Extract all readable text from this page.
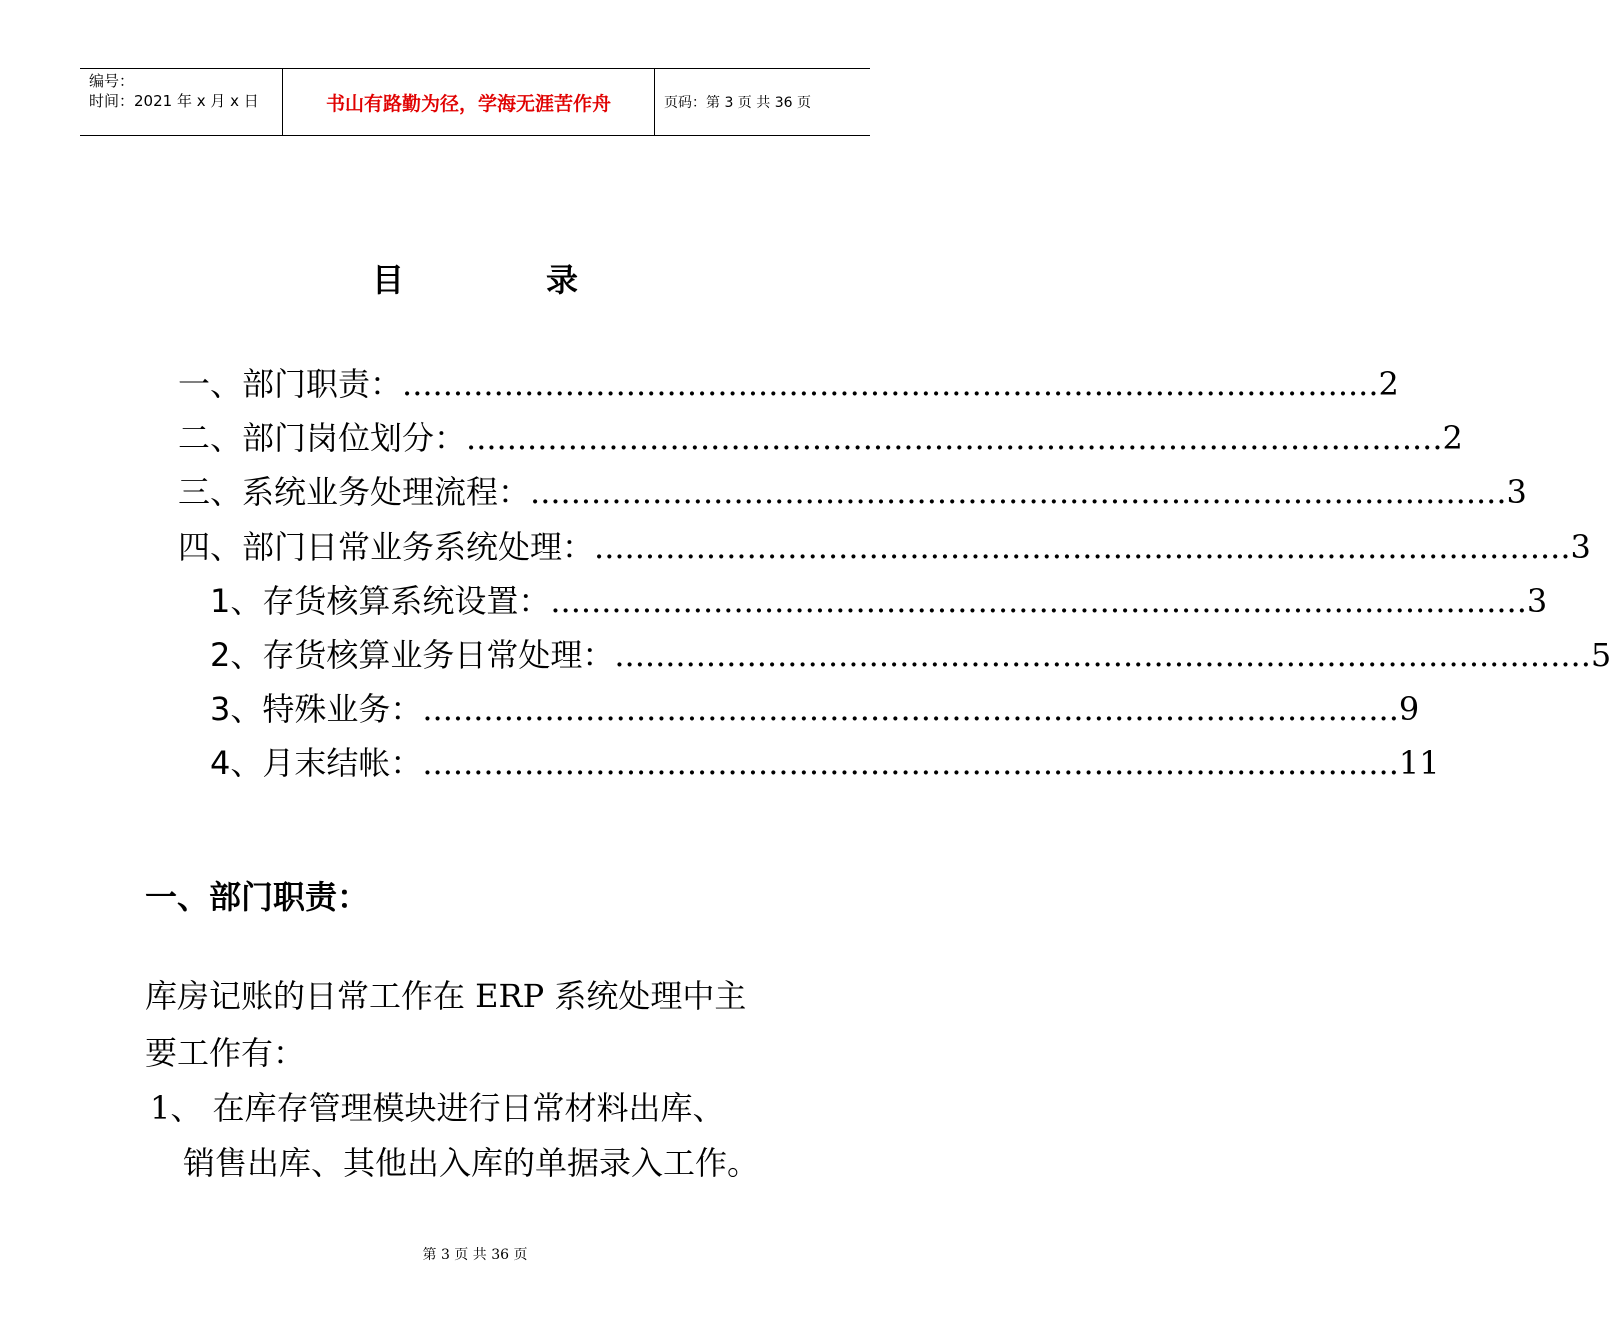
编号：
时间：2021 年 x 月 x 日	书山有路勤为径，学海无涯苦作舟	页码：第 3 页 共 36 页
目	录
一、部门职责： ................................................................................................ 2
二、部门岗位划分： ................................................................................................ 2
三、系统业务处理流程： ................................................................................................ 3
四、部门日常业务系统处理： ................................................................................................ 3
1、存货核算系统设置： ................................................................................................ 3
2、存货核算业务日常处理： ................................................................................................ 5
3、特殊业务： ................................................................................................ 9
4、月末结帐： ................................................................................................ 11
一、部门职责：
库房记账的日常工作在 ERP 系统处理中主
要工作有：
1、 在库存管理模块进行日常材料出库、
销售出库、其他出入库的单据录入工作。
第 3 页 共 36 页
